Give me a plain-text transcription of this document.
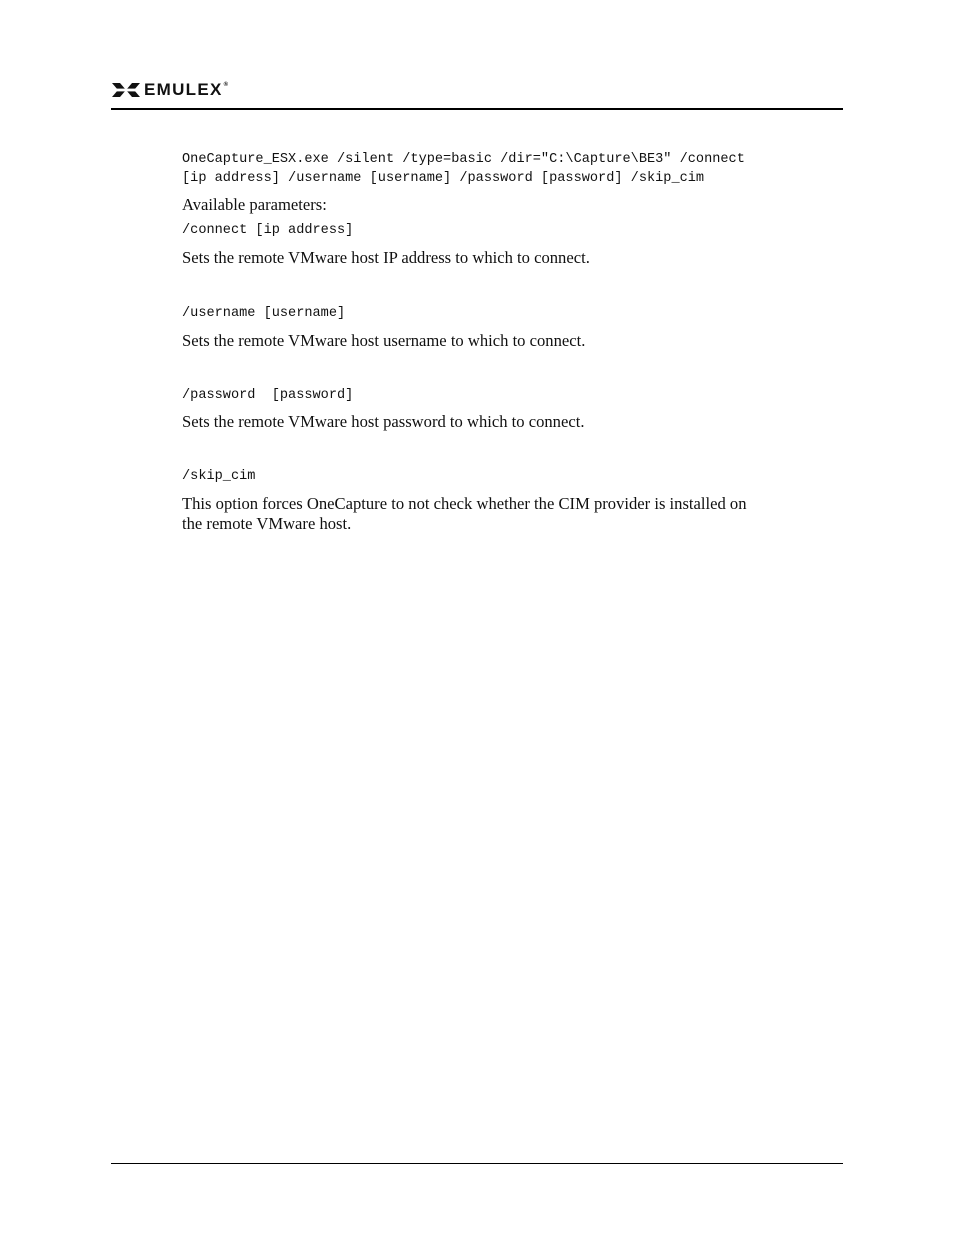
EMULEX®

OneCapture_ESX.exe /silent /type=basic /dir="C:\Capture\BE3" /connect

[ip address] /username [username] /password [password] /skip_cim

Available parameters:

/connect [ip address]

Sets the remote VMware host IP address to which to connect.

/username [username]

Sets the remote VMware host username to which to connect.

/password  [password]

Sets the remote VMware host password to which to connect.

/skip_cim

This option forces OneCapture to not check whether the CIM provider is installed on

the remote VMware host.
